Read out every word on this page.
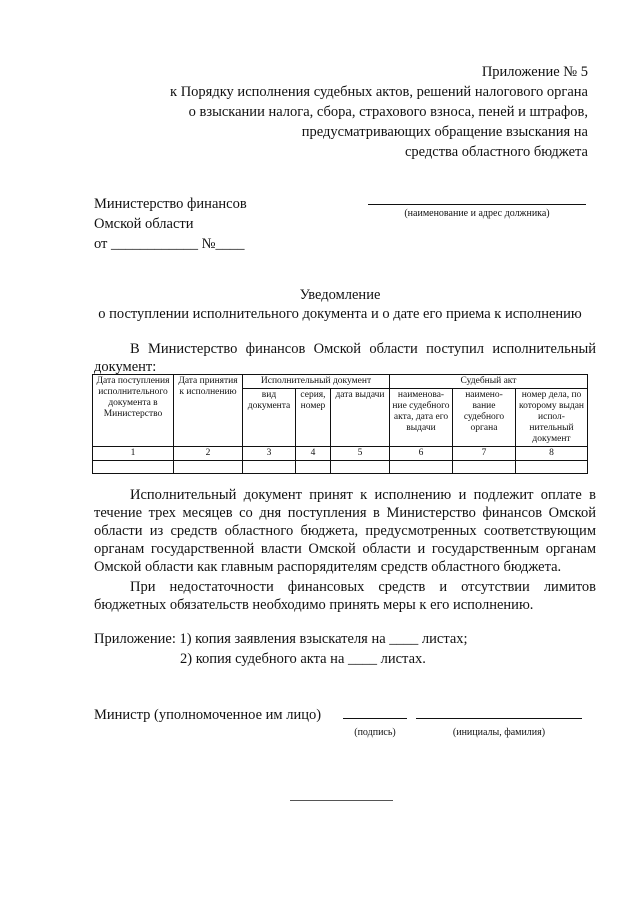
Приложение № 5
к Порядку исполнения судебных актов, решений налогового органа
о взыскании налога, сбора, страхового взноса, пеней и штрафов,
предусматривающих обращение взыскания на
средства областного бюджета
Министерство финансов
Омской области
от ____________ №____
(наименование и адрес должника)
Уведомление
о поступлении исполнительного документа и о дате его приема к исполнению
В Министерство финансов Омской области поступил исполнительный документ:
Дата поступления исполнительного документа в Министерство	Дата принятия к исполнению	Исполнительный документ			Судебный акт		
		вид документа	серия, номер	дата выдачи	наименова-ние судебного акта, дата его выдачи	наимено-вание судебного органа	номер дела, по которому выдан испол-нительный документ
1	2	3	4	5	6	7	8

Исполнительный документ принят к исполнению и подлежит оплате в течение трех месяцев со дня поступления в Министерство финансов Омской области из средств областного бюджета, предусмотренных соответствующим органам государственной власти Омской области и государственным органам Омской области как главным распорядителям средств областного бюджета.
При недостаточности финансовых средств и отсутствии лимитов бюджетных обязательств необходимо принять меры к его исполнению.
Приложение: 1) копия заявления взыскателя на ____ листах;
2) копия судебного акта на ____ листах.
Министр (уполномоченное им лицо)
(подпись)	(инициалы, фамилия)
